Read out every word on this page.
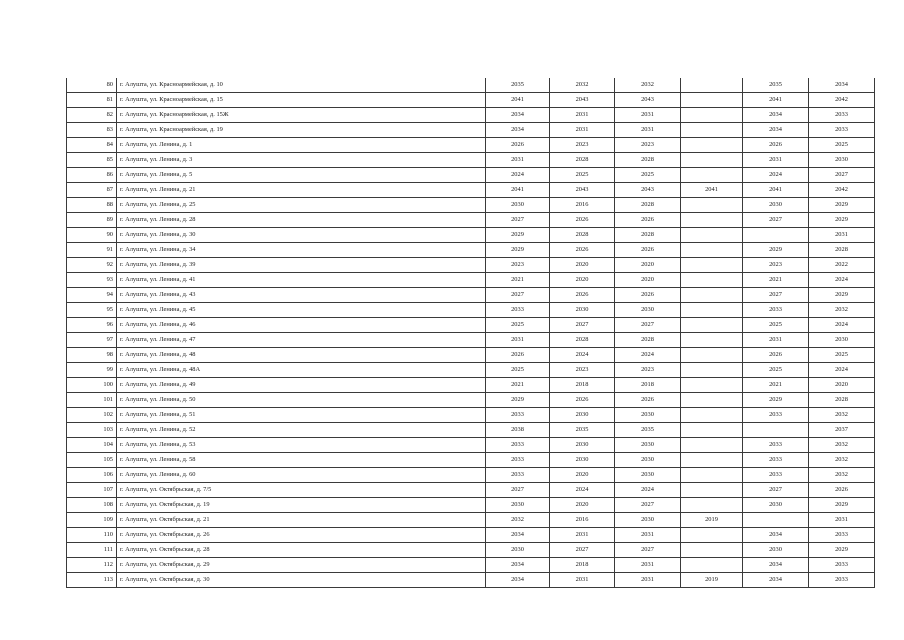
80	г. Алушта, ул. Красноармейская, д. 10	2035	2032	2032		2035	2034
81	г. Алушта, ул. Красноармейская, д. 15	2041	2043	2043		2041	2042
82	г. Алушта, ул. Красноармейская, д. 15Ж	2034	2031	2031		2034	2033
83	г. Алушта, ул. Красноармейская, д. 19	2034	2031	2031		2034	2033
84	г. Алушта, ул. Ленина, д. 1	2026	2023	2023		2026	2025
85	г. Алушта, ул. Ленина, д. 3	2031	2028	2028		2031	2030
86	г. Алушта, ул. Ленина, д. 5	2024	2025	2025		2024	2027
87	г. Алушта, ул. Ленина, д. 21	2041	2043	2043	2041	2041	2042
88	г. Алушта, ул. Ленина, д. 25	2030	2016	2028		2030	2029
89	г. Алушта, ул. Ленина, д. 28	2027	2026	2026		2027	2029
90	г. Алушта, ул. Ленина, д. 30	2029	2028	2028			2031
91	г. Алушта, ул. Ленина, д. 34	2029	2026	2026		2029	2028
92	г. Алушта, ул. Ленина, д. 39	2023	2020	2020		2023	2022
93	г. Алушта, ул. Ленина, д. 41	2021	2020	2020		2021	2024
94	г. Алушта, ул. Ленина, д. 43	2027	2026	2026		2027	2029
95	г. Алушта, ул. Ленина, д. 45	2033	2030	2030		2033	2032
96	г. Алушта, ул. Ленина, д. 46	2025	2027	2027		2025	2024
97	г. Алушта, ул. Ленина, д. 47	2031	2028	2028		2031	2030
98	г. Алушта, ул. Ленина, д. 48	2026	2024	2024		2026	2025
99	г. Алушта, ул. Ленина, д. 48А	2025	2023	2023		2025	2024
100	г. Алушта, ул. Ленина, д. 49	2021	2018	2018		2021	2020
101	г. Алушта, ул. Ленина, д. 50	2029	2026	2026		2029	2028
102	г. Алушта, ул. Ленина, д. 51	2033	2030	2030		2033	2032
103	г. Алушта, ул. Ленина, д. 52	2038	2035	2035			2037
104	г. Алушта, ул. Ленина, д. 53	2033	2030	2030		2033	2032
105	г. Алушта, ул. Ленина, д. 58	2033	2030	2030		2033	2032
106	г. Алушта, ул. Ленина, д. 60	2033	2020	2030		2033	2032
107	г. Алушта, ул. Октябрьская, д. 7/5	2027	2024	2024		2027	2026
108	г. Алушта, ул. Октябрьская, д. 19	2030	2020	2027		2030	2029
109	г. Алушта, ул. Октябрьская, д. 21	2032	2016	2030	2019		2031
110	г. Алушта, ул. Октябрьская, д. 26	2034	2031	2031		2034	2033
111	г. Алушта, ул. Октябрьская, д. 28	2030	2027	2027		2030	2029
112	г. Алушта, ул. Октябрьская, д. 29	2034	2018	2031		2034	2033
113	г. Алушта, ул. Октябрьская, д. 30	2034	2031	2031	2019	2034	2033
